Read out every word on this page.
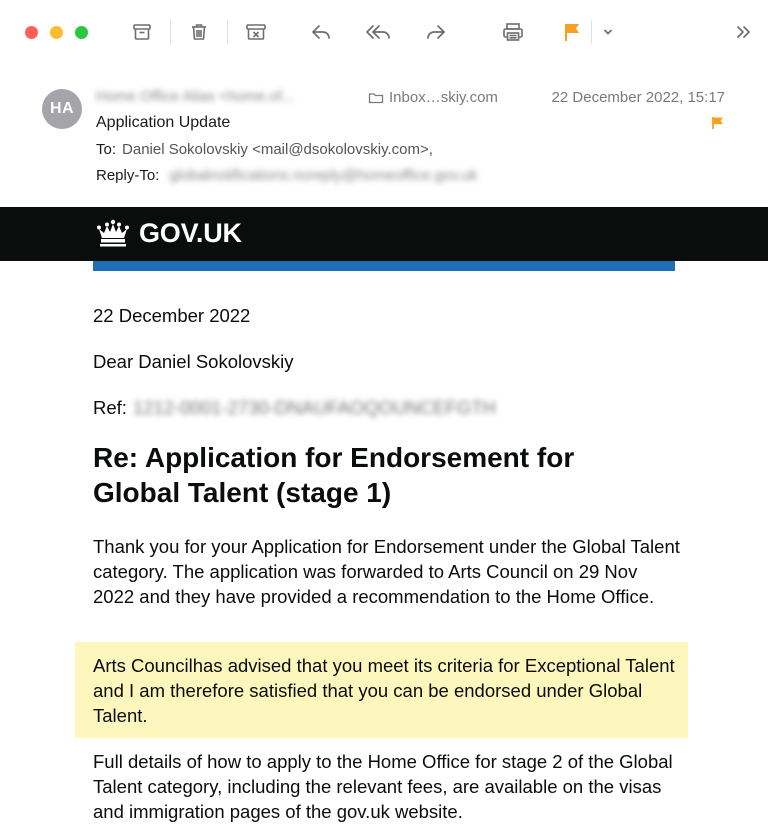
HA
Home Office Alias <home.of...	Inbox…skiy.com	22 December 2022, 15:17
Application Update
To: Daniel Sokolovskiy <mail@dsokolovskiy.com>,
Reply-To: globalnotifications.noreply@homeoffice.gov.uk
GOV.UK
22 December 2022
Dear Daniel Sokolovskiy
Ref: 1212-0001-2730-DNAUFAOQOUNCEFGTH
Re: Application for Endorsement for Global Talent (stage 1)
Thank you for your Application for Endorsement under the Global Talent category. The application was forwarded to Arts Council on 29 Nov 2022 and they have provided a recommendation to the Home Office.
Arts Councilhas advised that you meet its criteria for Exceptional Talent and I am therefore satisfied that you can be endorsed under Global Talent.
Full details of how to apply to the Home Office for stage 2 of the Global Talent category, including the relevant fees, are available on the visas and immigration pages of the gov.uk website.
